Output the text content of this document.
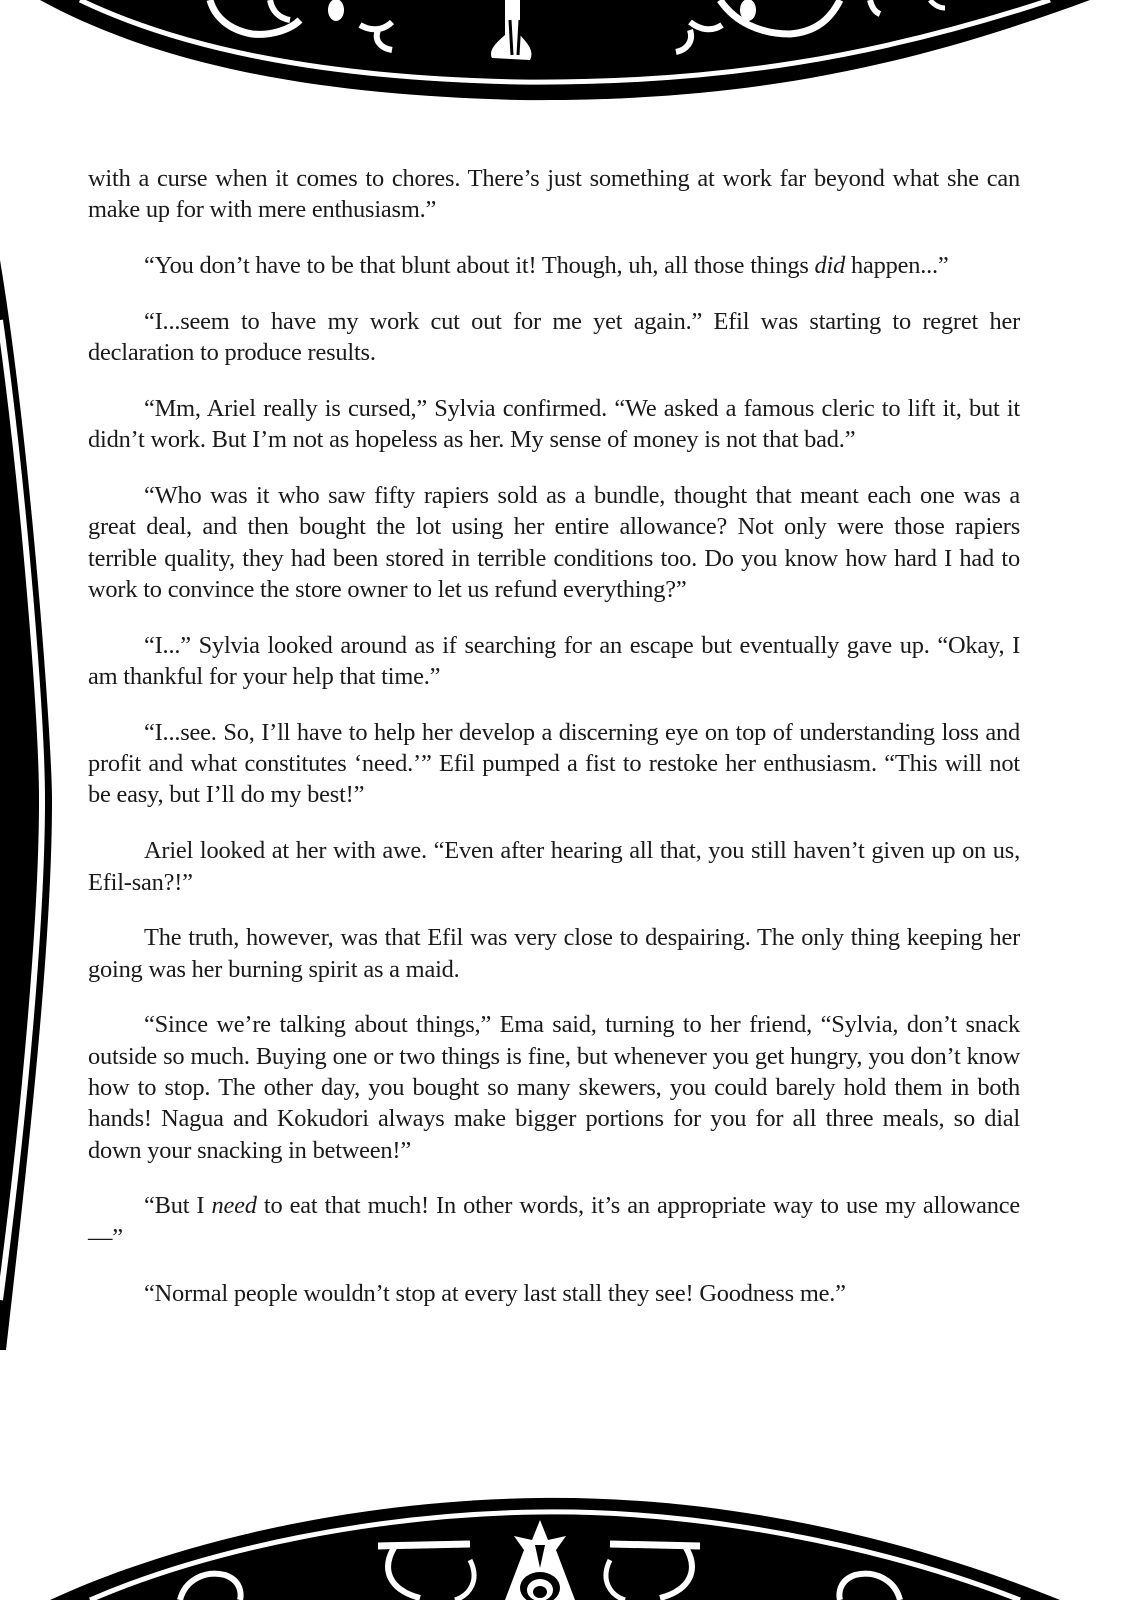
with a curse when it comes to chores. There’s just something at work far beyond what she can make up for with mere enthusiasm.”

“You don’t have to be that blunt about it! Though, uh, all those things did happen...”

“I...seem to have my work cut out for me yet again.” Efil was starting to regret her declaration to produce results.

“Mm, Ariel really is cursed,” Sylvia confirmed. “We asked a famous cleric to lift it, but it didn’t work. But I’m not as hopeless as her. My sense of money is not that bad.”

“Who was it who saw fifty rapiers sold as a bundle, thought that meant each one was a great deal, and then bought the lot using her entire allowance? Not only were those rapiers terrible quality, they had been stored in terrible conditions too. Do you know how hard I had to work to convince the store owner to let us refund everything?”

“I...” Sylvia looked around as if searching for an escape but eventually gave up. “Okay, I am thankful for your help that time.”

“I...see. So, I’ll have to help her develop a discerning eye on top of understanding loss and profit and what constitutes ‘need.’” Efil pumped a fist to restoke her enthusiasm. “This will not be easy, but I’ll do my best!”

Ariel looked at her with awe. “Even after hearing all that, you still haven’t given up on us, Efil-san?!”

The truth, however, was that Efil was very close to despairing. The only thing keeping her going was her burning spirit as a maid.

“Since we’re talking about things,” Ema said, turning to her friend, “Sylvia, don’t snack outside so much. Buying one or two things is fine, but whenever you get hungry, you don’t know how to stop. The other day, you bought so many skewers, you could barely hold them in both hands! Nagua and Kokudori always make bigger portions for you for all three meals, so dial down your snacking in between!”

“But I need to eat that much! In other words, it’s an appropriate way to use my allowance—”

“Normal people wouldn’t stop at every last stall they see! Goodness me.”
